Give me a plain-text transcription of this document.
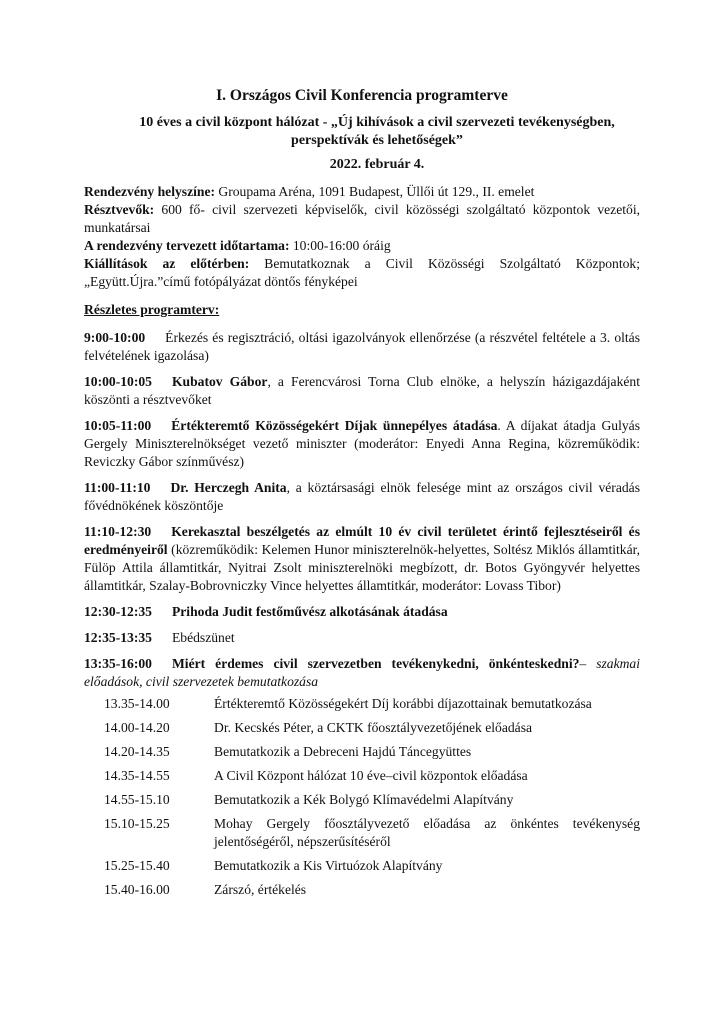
I. Országos Civil Konferencia programterve
10 éves a civil központ hálózat - „Új kihívások a civil szervezeti tevékenységben, perspektívák és lehetőségek”
2022. február 4.

Rendezvény helyszíne: Groupama Aréna, 1091 Budapest, Üllői út 129., II. emelet

Résztvevők: 600 fő- civil szervezeti képviselők, civil közösségi szolgáltató központok vezetői, munkatársai

A rendezvény tervezett időtartama: 10:00-16:00 óráig

Kiállítások az előtérben: Bemutatkoznak a Civil Közösségi Szolgáltató Központok; „Együtt.Újra.”című fotópályázat döntős fényképei

Részletes programterv:

9:00-10:00 Érkezés és regisztráció, oltási igazolványok ellenőrzése (a részvétel feltétele a 3. oltás felvételének igazolása)

10:00-10:05 Kubatov Gábor, a Ferencvárosi Torna Club elnöke, a helyszín házigazdájaként köszönti a résztvevőket

10:05-11:00 Értékteremtő Közösségekért Díjak ünnepélyes átadása. A díjakat átadja Gulyás Gergely Miniszterelnökséget vezető miniszter (moderátor: Enyedi Anna Regina, közreműködik: Reviczky Gábor színművész)

11:00-11:10 Dr. Herczegh Anita, a köztársasági elnök felesége mint az országos civil véradás fővédnökének köszöntője

11:10-12:30 Kerekasztal beszélgetés az elmúlt 10 év civil területet érintő fejlesztéseiről és eredményeiről (közreműködik: Kelemen Hunor miniszterelnök-helyettes, Soltész Miklós államtitkár, Fülöp Attila államtitkár, Nyitrai Zsolt miniszterelnöki megbízott, dr. Botos Gyöngyvér helyettes államtitkár, Szalay-Bobrovniczky Vince helyettes államtitkár, moderátor: Lovass Tibor)

12:30-12:35 Prihoda Judit festőművész alkotásának átadása

12:35-13:35 Ebédszünet

13:35-16:00 Miért érdemes civil szervezetben tevékenykedni, önkénteskedni?– szakmai előadások, civil szervezetek bemutatkozása

13.35-14.00	Értékteremtő Közösségekért Díj korábbi díjazottainak bemutatkozása
14.00-14.20	Dr. Kecskés Péter, a CKTK főosztályvezetőjének előadása
14.20-14.35	Bemutatkozik a Debreceni Hajdú Táncegyüttes
14.35-14.55	A Civil Központ hálózat 10 éve–civil központok előadása
14.55-15.10	Bemutatkozik a Kék Bolygó Klímavédelmi Alapítvány
15.10-15.25	Mohay Gergely főosztályvezető előadása az önkéntes tevékenység jelentőségéről, népszerűsítéséről
15.25-15.40	Bemutatkozik a Kis Virtuózok Alapítvány
15.40-16.00	Zárszó, értékelés
